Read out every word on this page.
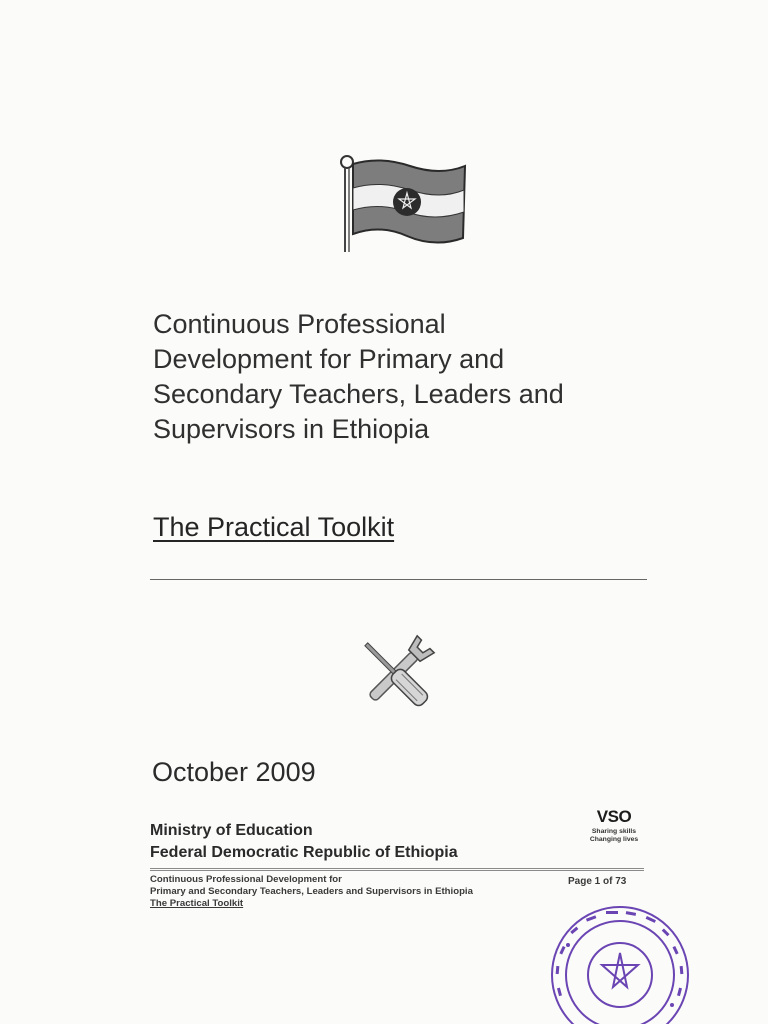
Continuous Professional
Development for Primary and
Secondary Teachers, Leaders and
Supervisors in Ethiopia
The Practical Toolkit
October 2009
Ministry of Education
Federal Democratic Republic of Ethiopia
VSO
Sharing skills
Changing lives
Continuous Professional Development for
Primary and Secondary Teachers, Leaders and Supervisors in Ethiopia
The Practical Toolkit
Page 1 of 73
